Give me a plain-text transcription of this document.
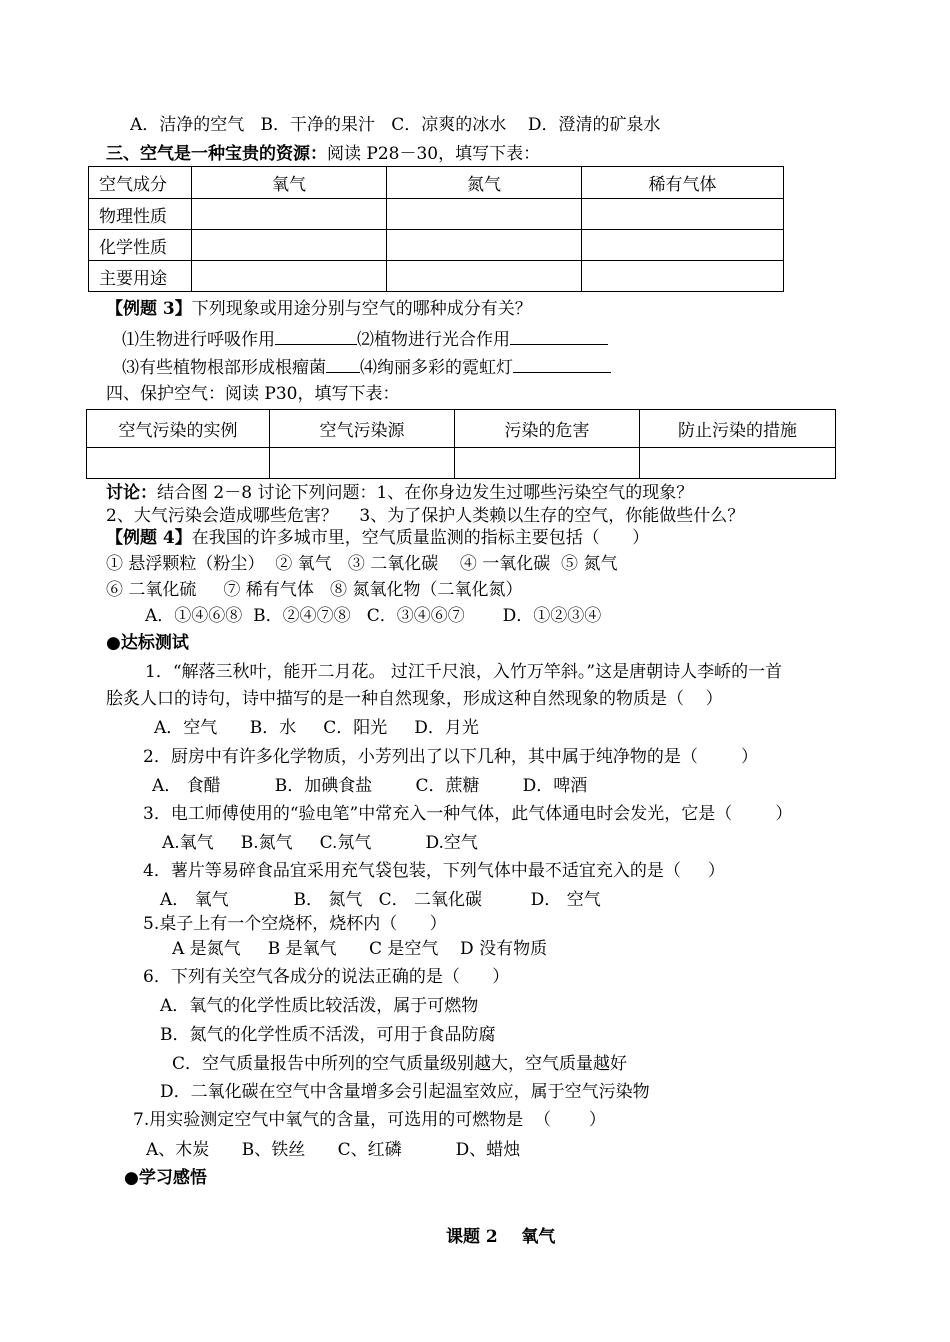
A．洁净的空气   B．干净的果汁   C．凉爽的冰水    D．澄清的矿泉水
三、空气是一种宝贵的资源：阅读 P28－30，填写下表：
空气成分	氧气	氮气	稀有气体
物理性质			
化学性质			
主要用途			
【例题 3】下列现象或用途分别与空气的哪种成分有关？
⑴生物进行呼吸作用	⑵植物进行光合作用
⑶有些植物根部形成根瘤菌 ⑷绚丽多彩的霓虹灯
四、保护空气：阅读 P30，填写下表：
空气污染的实例	空气污染源	污染的危害	防止污染的措施

讨论：结合图 2－8 讨论下列问题：1、在你身边发生过哪些污染空气的现象？
2、大气污染会造成哪些危害？    3、为了保护人类赖以生存的空气，你能做些什么？
【例题 4】在我国的许多城市里，空气质量监测的指标主要包括（      ）
① 悬浮颗粒（粉尘）  ② 氧气   ③ 二氧化碳    ④ 一氧化碳  ⑤ 氮气
⑥ 二氧化硫     ⑦ 稀有气体   ⑧ 氮氧化物（二氧化氮）
A．①④⑥⑧  B．②④⑦⑧   C．③④⑥⑦       D．①②③④
●达标测试
1．“解落三秋叶，能开二月花。 过江千尺浪，入竹万竿斜。”这是唐朝诗人李峤的一首
脍炙人口的诗句，诗中描写的是一种自然现象，形成这种自然现象的物质是（    ）
A．空气      B．水     C．阳光     D．月光
2．厨房中有许多化学物质，小芳列出了以下几种，其中属于纯净物的是（        ）
A． 食醋          B．加碘食盐        C．蔗糖        D．啤酒
3．电工师傅使用的“验电笔”中常充入一种气体，此气体通电时会发光，它是（        ）
A.氧气     B.氮气     C.氖气          D.空气
4．薯片等易碎食品宜采用充气袋包装，下列气体中最不适宜充入的是（     ）
A． 氧气            B． 氮气   C． 二氧化碳         D． 空气
5.桌子上有一个空烧杯，烧杯内（      ）
A 是氮气     B 是氧气      C 是空气    D 没有物质
6．下列有关空气各成分的说法正确的是（      ）
A．氧气的化学性质比较活泼，属于可燃物
B．氮气的化学性质不活泼，可用于食品防腐
C．空气质量报告中所列的空气质量级别越大，空气质量越好
D．二氧化碳在空气中含量增多会引起温室效应，属于空气污染物
7.用实验测定空气中氧气的含量，可选用的可燃物是  （       ）
A、木炭      B、铁丝      C、红磷          D、蜡烛
●学习感悟
课题 2    氧气
